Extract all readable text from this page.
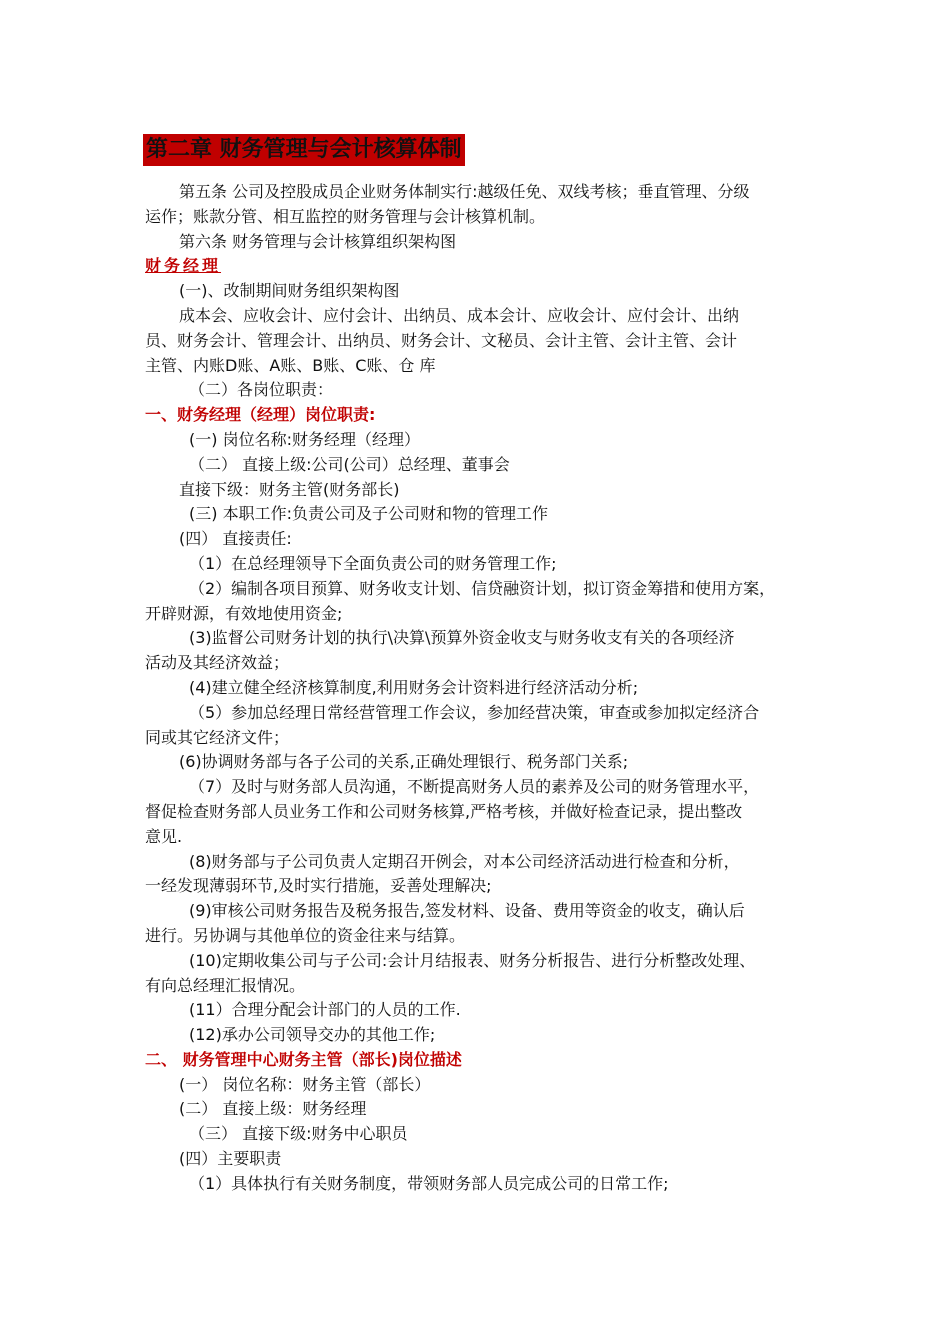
第二章 财务管理与会计核算体制
第五条 公司及控股成员企业财务体制实行:越级任免、双线考核；垂直管理、分级
运作；账款分管、相互监控的财务管理与会计核算机制。
第六条 财务管理与会计核算组织架构图
财务经理
(一)、改制期间财务组织架构图
成本会、应收会计、应付会计、出纳员、成本会计、应收会计、应付会计、出纳
员、财务会计、管理会计、出纳员、财务会计、文秘员、会计主管、会计主管、会计
主管、内账D账、A账、B账、C账、仓 库
（二）各岗位职责：
一、财务经理（经理）岗位职责:
(一) 岗位名称:财务经理（经理）
（二） 直接上级:公司(公司）总经理、董事会
直接下级：财务主管(财务部长)
(三) 本职工作:负责公司及子公司财和物的管理工作
(四） 直接责任:
（1）在总经理领导下全面负责公司的财务管理工作;
（2）编制各项目预算、财务收支计划、信贷融资计划，拟订资金筹措和使用方案，
开辟财源，有效地使用资金;
(3)监督公司财务计划的执行\决算\预算外资金收支与财务收支有关的各项经济
活动及其经济效益；
(4)建立健全经济核算制度,利用财务会计资料进行经济活动分析;
（5）参加总经理日常经营管理工作会议，参加经营决策，审查或参加拟定经济合
同或其它经济文件；
(6)协调财务部与各子公司的关系,正确处理银行、税务部门关系;
（7）及时与财务部人员沟通，不断提高财务人员的素养及公司的财务管理水平，
督促检查财务部人员业务工作和公司财务核算,严格考核，并做好检查记录，提出整改
意见.
(8)财务部与子公司负责人定期召开例会，对本公司经济活动进行检查和分析，
一经发现薄弱环节,及时实行措施，妥善处理解决;
(9)审核公司财务报告及税务报告,签发材料、设备、费用等资金的收支，确认后
进行。另协调与其他单位的资金往来与结算。
(10)定期收集公司与子公司:会计月结报表、财务分析报告、进行分析整改处理、
有向总经理汇报情况。
(11）合理分配会计部门的人员的工作.
(12)承办公司领导交办的其他工作;
二、 财务管理中心财务主管（部长)岗位描述
(一） 岗位名称：财务主管（部长）
(二） 直接上级：财务经理
（三） 直接下级:财务中心职员
(四）主要职责
（1）具体执行有关财务制度，带领财务部人员完成公司的日常工作;
